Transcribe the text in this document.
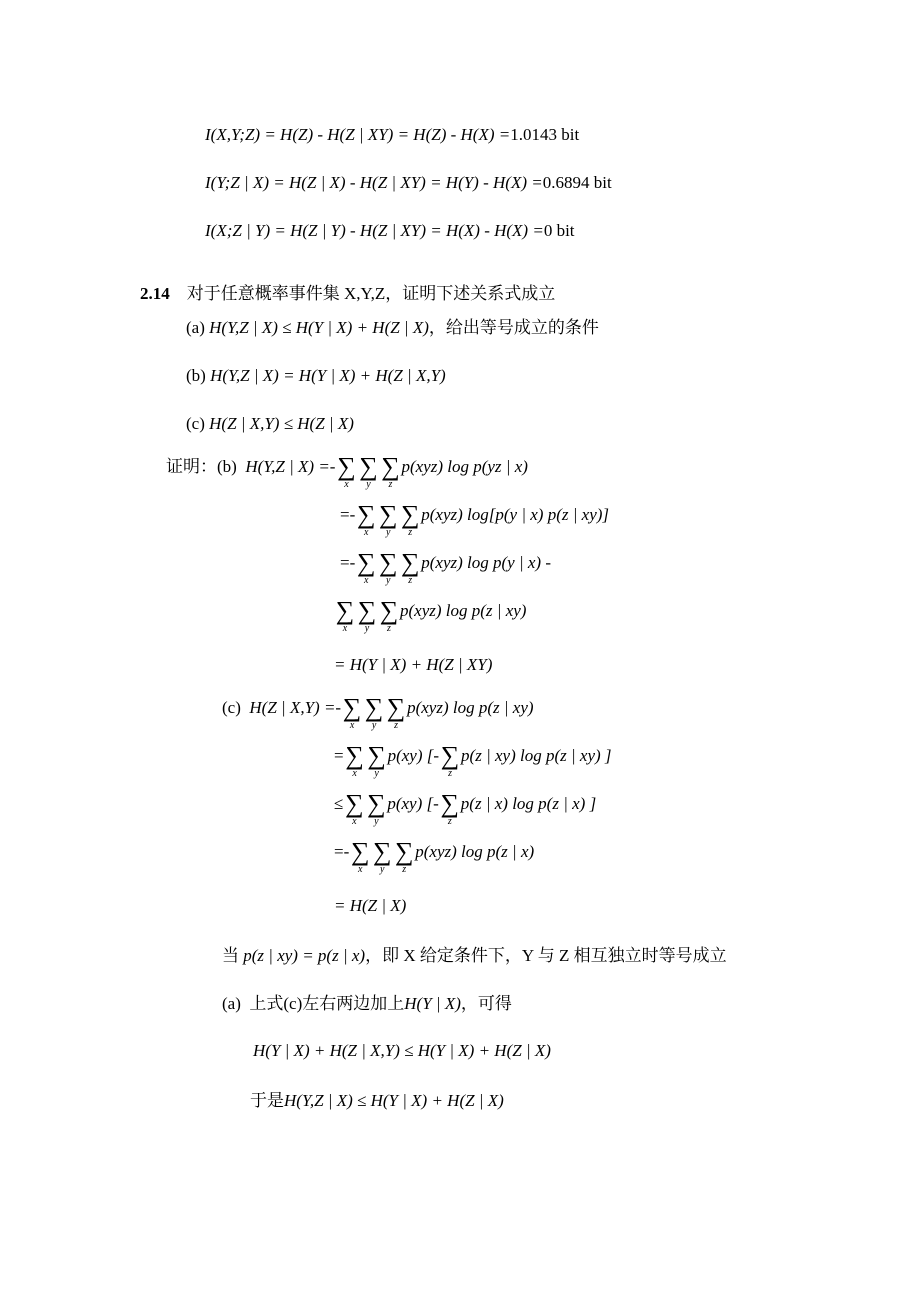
I(X,Y;Z) = H(Z) - H(Z | XY) = H(Z) - H(X) =1.0143 bit
I(Y;Z | X) = H(Z | X) - H(Z | XY) = H(Y) - H(X) =0.6894 bit
I(X;Z | Y) = H(Z | Y) - H(Z | XY) = H(X) - H(X) =0 bit
2.14 对于任意概率事件集 X,Y,Z，证明下述关系式成立
(a) H(Y,Z | X) ≤ H(Y | X) + H(Z | X)，给出等号成立的条件
(b) H(Y,Z | X) = H(Y | X) + H(Z | X,Y)
(c) H(Z | X,Y) ≤ H(Z | X)
证明：(b) H(Y,Z | X) =-∑
x
∑
y
∑
z
p(xyz) log p(yz | x)
=-∑
x
∑
y
∑
z
p(xyz) log[p(y | x) p(z | xy)]
=-∑
x
∑
y
∑
z
p(xyz) log p(y | x) -
∑
x
∑
y
∑
z
p(xyz) log p(z | xy)
= H(Y | X) + H(Z | XY)
(c) H(Z | X,Y) =-∑
x
∑
y
∑
z
p(xyz) log p(z | xy)
=∑
x
∑
y
p(xy) [-∑
z
p(z | xy) log p(z | xy) ]
≤∑
x
∑
y
p(xy) [-∑
z
p(z | x) log p(z | x) ]
=-∑
x
∑
y
∑
z
p(xyz) log p(z | x)
= H(Z | X)
当 p(z | xy) = p(z | x)，即 X 给定条件下，Y 与 Z 相互独立时等号成立
(a) 上式(c)左右两边加上H(Y | X)，可得
H(Y | X) + H(Z | X,Y) ≤ H(Y | X) + H(Z | X)
于是H(Y,Z | X) ≤ H(Y | X) + H(Z | X)
